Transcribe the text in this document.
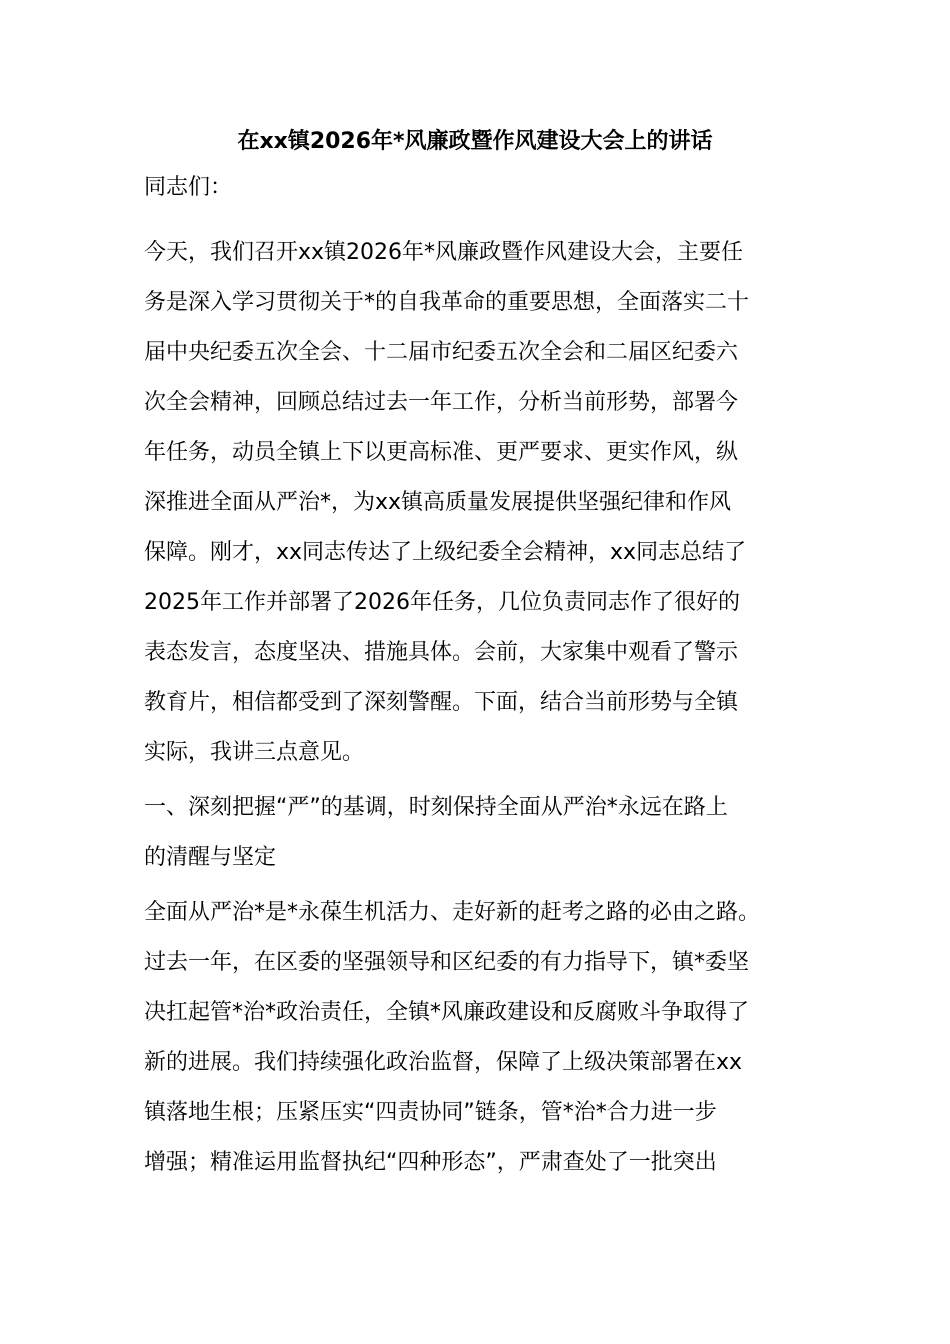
在xx镇2026年*风廉政暨作风建设大会上的讲话
同志们：
今天，我们召开xx镇2026年*风廉政暨作风建设大会，主要任
务是深入学习贯彻关于*的自我革命的重要思想，全面落实二十
届中央纪委五次全会、十二届市纪委五次全会和二届区纪委六
次全会精神，回顾总结过去一年工作，分析当前形势，部署今
年任务，动员全镇上下以更高标准、更严要求、更实作风，纵
深推进全面从严治*，为xx镇高质量发展提供坚强纪律和作风
保障。刚才，xx同志传达了上级纪委全会精神，xx同志总结了
2025年工作并部署了2026年任务，几位负责同志作了很好的
表态发言，态度坚决、措施具体。会前，大家集中观看了警示
教育片，相信都受到了深刻警醒。下面，结合当前形势与全镇
实际，我讲三点意见。
一、深刻把握“严”的基调，时刻保持全面从严治*永远在路上
的清醒与坚定
全面从严治*是*永葆生机活力、走好新的赶考之路的必由之路。
过去一年，在区委的坚强领导和区纪委的有力指导下，镇*委坚
决扛起管*治*政治责任，全镇*风廉政建设和反腐败斗争取得了
新的进展。我们持续强化政治监督，保障了上级决策部署在xx
镇落地生根；压紧压实“四责协同”链条，管*治*合力进一步
增强；精准运用监督执纪“四种形态”，严肃查处了一批突出
